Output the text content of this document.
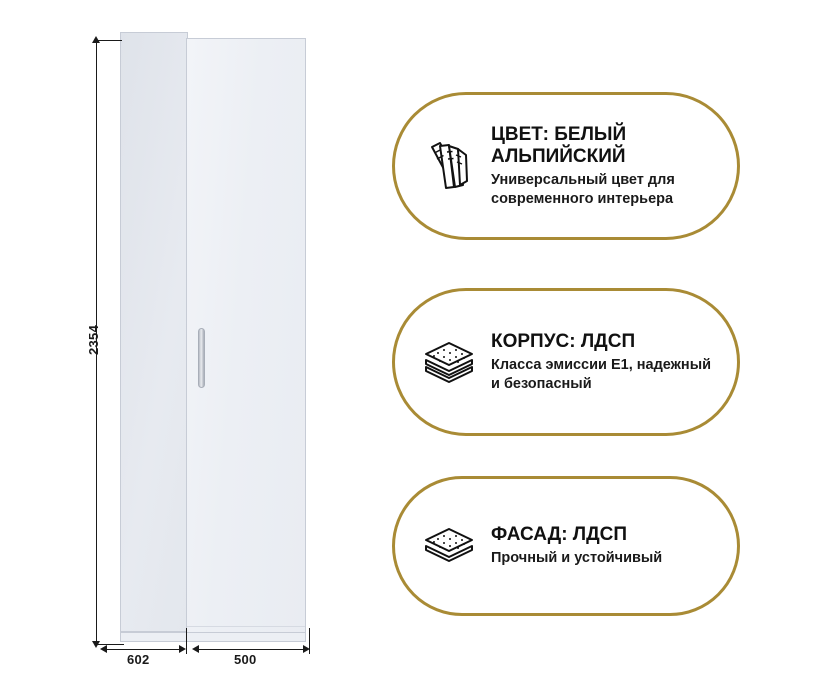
2354
602	500

ЦВЕТ: БЕЛЫЙ АЛЬПИЙСКИЙ

Универсальный цвет для современного интерьера

КОРПУС: ЛДСП

Класса эмиссии Е1, надежный и безопасный

ФАСАД: ЛДСП

Прочный и устойчивый
